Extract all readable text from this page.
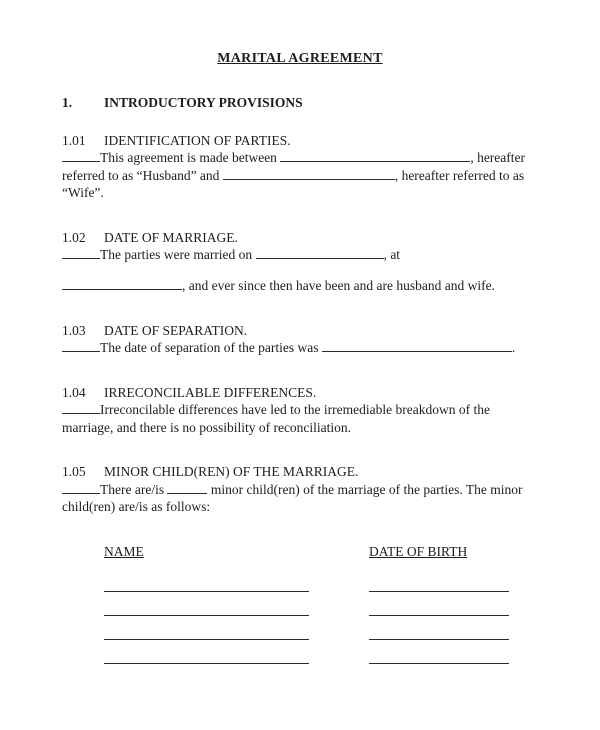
MARITAL AGREEMENT
1. INTRODUCTORY PROVISIONS
1.01 IDENTIFICATION OF PARTIES.
This agreement is made between	, hereafter referred to as “Husband” and	, hereafter referred to as “Wife”.
1.02 DATE OF MARRIAGE.
The parties were married on	, at
, and ever since then have been and are husband and wife.
1.03 DATE OF SEPARATION.
The date of separation of the parties was	.
1.04 IRRECONCILABLE DIFFERENCES.
Irreconcilable differences have led to the irremediable breakdown of the marriage, and there is no possibility of reconciliation.
1.05 MINOR CHILD(REN) OF THE MARRIAGE.
There are/is	minor child(ren) of the marriage of the parties. The minor child(ren) are/is as follows:
NAME	DATE OF BIRTH
